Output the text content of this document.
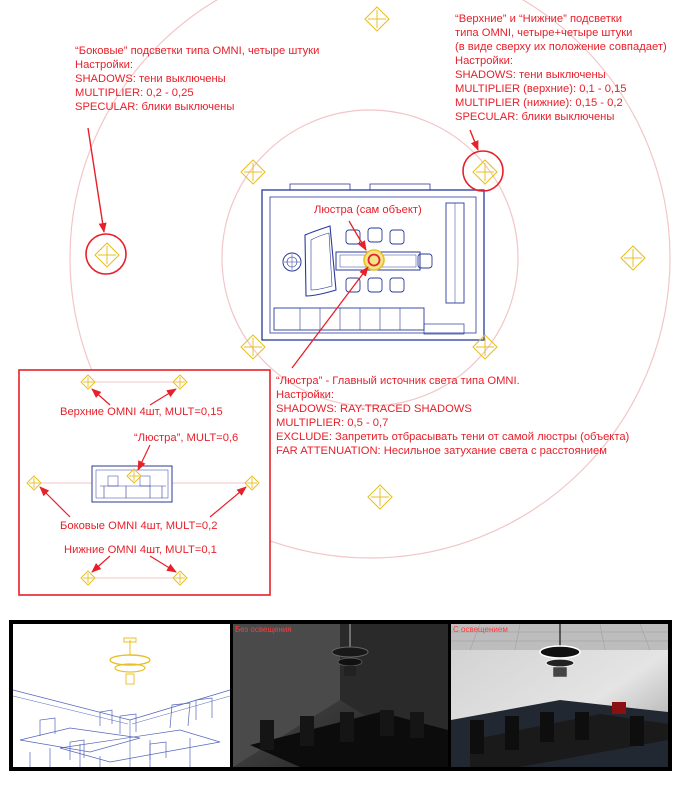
“Боковые” подсветки типа OMNI, четыре штуки
Настройки:
SHADOWS: тени выключены
MULTIPLIER: 0,2 - 0,25
SPECULAR: блики выключены
“Верхние” и “Нижние” подсветки
типа OMNI, четыре+четыре штуки
(в виде сверху их положение совпадает)
Настройки:
SHADOWS: тени выключены
MULTIPLIER (верхние): 0,1 - 0,15
MULTIPLIER (нижние): 0,15 - 0,2
SPECULAR: блики выключены
Люстра (сам объект)
“Люстра” - Главный источник света типа OMNI.
Настройки:
SHADOWS: RAY-TRACED SHADOWS
MULTIPLIER: 0,5 - 0,7
EXCLUDE: Запретить отбрасывать тени от самой люстры (объекта)
FAR ATTENUATION: Несильное затухание света с расстоянием
Верхние OMNI 4шт, MULT=0,15
“Люстра”, MULT=0,6
Боковые OMNI 4шт, MULT=0,2
Нижние OMNI 4шт, MULT=0,1
Без освещения	С освещением
